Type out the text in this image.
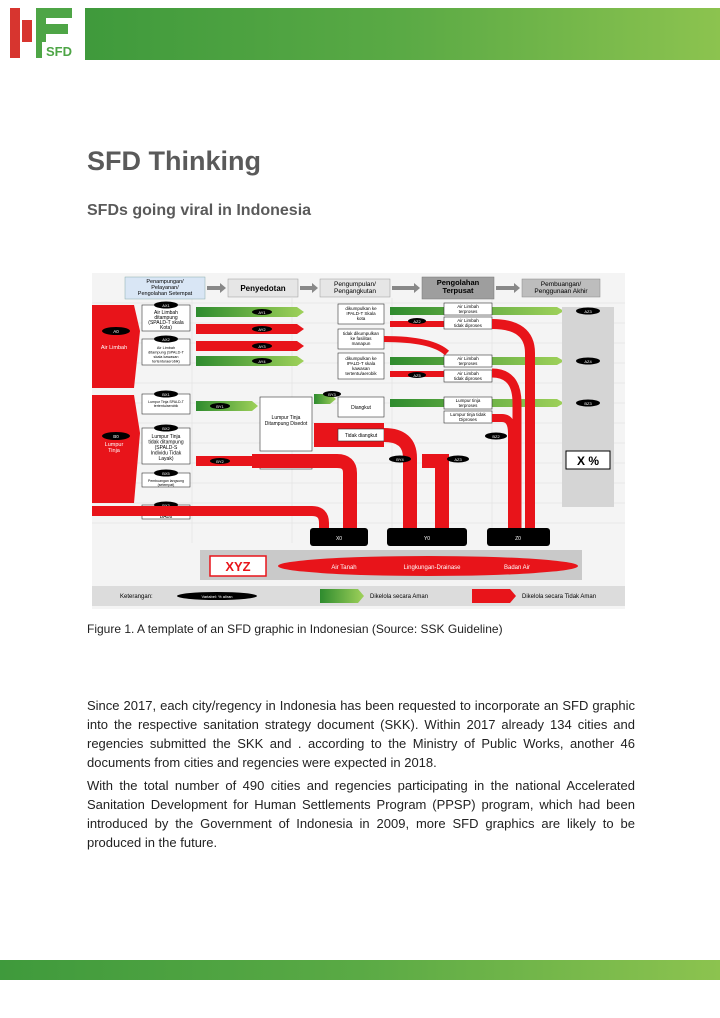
SFD
SFD Thinking
SFDs going viral in Indonesia
Penampungan/ Pelayanan/ Pengolahan Setempat
Penyedotan	Pengumpulan/ Pengangkutan
Pengolahan Terpusat
Pembuangan/ Penggunaan Akhir
A0
Air Limbah
B0
Lumpur Tinja
AX1
Air Limbah ditampung (SPALD-T skala Kota)
AX2
Air Limbah ditampung (SPALD-T skala kawasan tertentu/aerobik)
BX1
Lumpur Tinja SPALD-T tertentu/aerobik
BX2
Lumpur Tinja tidak ditampung (SPALD-S Individu Tidak Layak)
BX5
Pembuangan langsung (setempat)
BX3
Tanpa akses BABs
AY1
AY2
AY3
AY4
BY1
BY2
Lumpur Tinja Ditampung Disedot
Lumpur Tinja Tidak Ditampung Tidak Disedot
dikumpulkan ke IPALD-T Skala kota
tidak dikumpulkan ke fasilitas manapun
dikumpulkan ke IPALD-T skala kawasan tertentu/aerobik
BY3
Diangkut
Tidak diangkut
AZ2
AZ5
Air Limbah terproses
Air Limbah tidak diproses
Air Limbah terproses
Air Limbah tidak diproses
Lumpur tinja terproses
Lumpur tinja tidak Diproses
BY4	AZ3
BZ2
AZ3
AZ4
BZ3
X %
X0	Y0	Z0
XYZ	Air Tanah	Lingkungan-Drainase	Badan Air
Keterangan:	Variabel: % aliran	Dikelola secara Aman	Dikelola secara Tidak Aman
Figure 1. A template of an SFD graphic in Indonesian (Source: SSK Guideline)

Since 2017, each city/regency in Indonesia has been requested to incorporate an SFD graphic into the respective sanitation strategy document (SKK). Within 2017 already 134 cities and regencies submitted the SKK and . according to the Ministry of Public Works, another 46 documents from cities and regencies were expected in 2018.

With the total number of 490 cities and regencies participating in the national Accelerated Sanitation Development for Human Settlements Program (PPSP) program, which had been introduced by the Government of Indonesia in 2009, more SFD graphics are likely to be produced in the future.
